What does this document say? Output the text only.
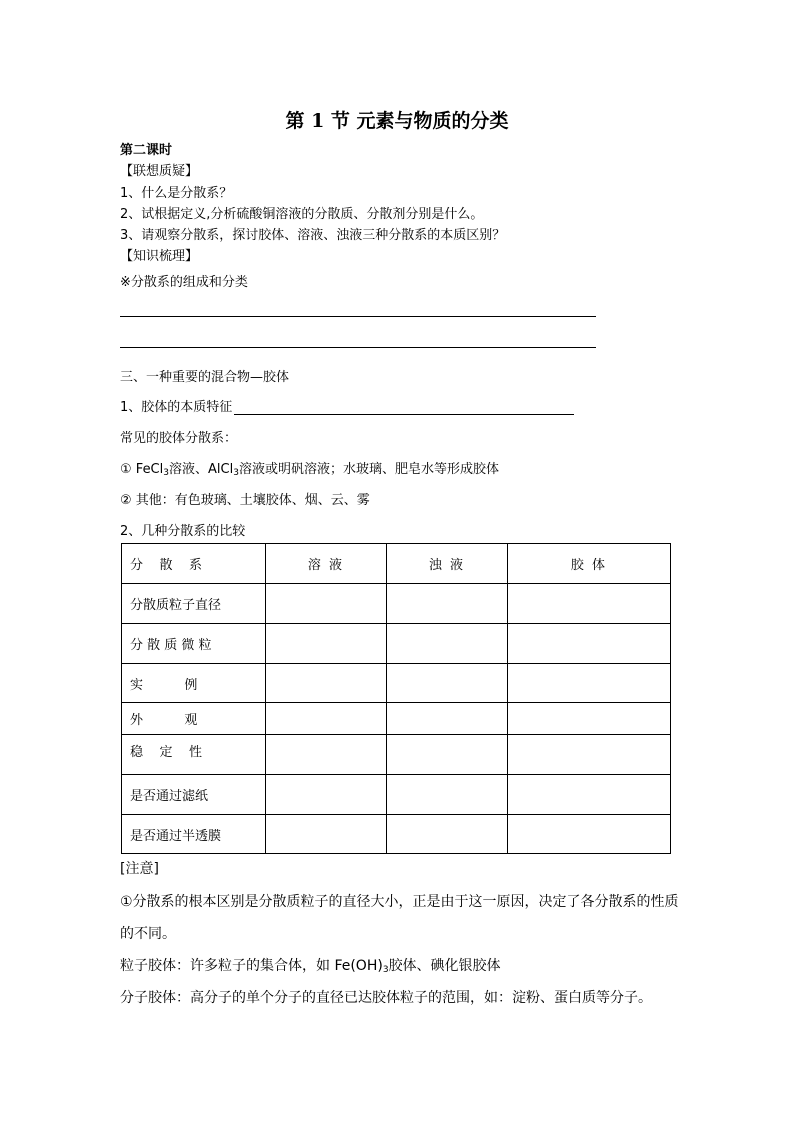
第 1 节 元素与物质的分类
第二课时
【联想质疑】
1、什么是分散系？
2、试根据定义,分析硫酸铜溶液的分散质、分散剂分别是什么。
3、请观察分散系，探讨胶体、溶液、浊液三种分散系的本质区别？
【知识梳理】
※分散系的组成和分类
三、一种重要的混合物—胶体
1、胶体的本质特征
常见的胶体分散系：
① FeCl$_3$溶液、AlCl$_3$溶液或明矾溶液；水玻璃、肥皂水等形成胶体
② 其他：有色玻璃、土壤胶体、烟、云、雾
2、几种分散系的比较
分    散    系	溶 液	浊 液	胶 体
分散质粒子直径			
分 散 质 微 粒			
实          例			
外          观			
稳    定    性			
是否通过滤纸			
是否通过半透膜			
[注意]
①分散系的根本区别是分散质粒子的直径大小，正是由于这一原因，决定了各分散系的性质
的不同。
粒子胶体：许多粒子的集合体，如 $Fe(OH)_3$胶体、碘化银胶体
分子胶体：高分子的单个分子的直径已达胶体粒子的范围，如：淀粉、蛋白质等分子。
